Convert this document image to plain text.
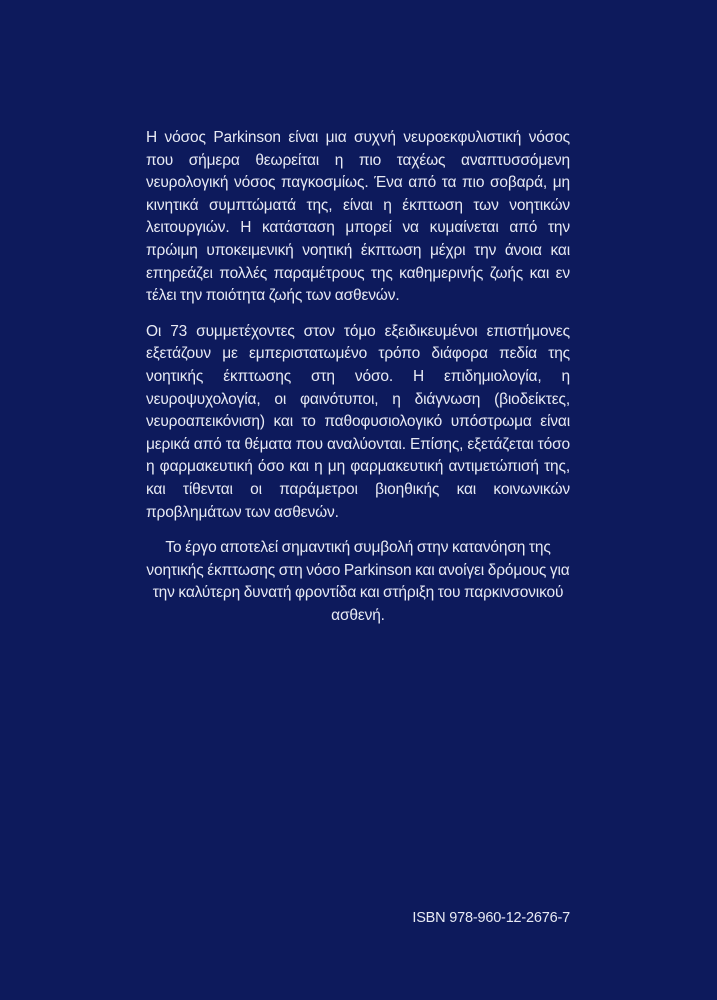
Η νόσος Parkinson είναι μια συχνή νευροεκφυλιστική νόσος που σήμερα θεωρείται η πιο ταχέως αναπτυσσόμενη νευρολογική νόσος παγκοσμίως. Ένα από τα πιο σοβαρά, μη κινητικά συμπτώματά της, είναι η έκπτωση των νοητικών λειτουργιών. Η κατάσταση μπορεί να κυμαίνεται από την πρώιμη υποκειμενική νοητική έκπτωση μέχρι την άνοια και επηρεάζει πολλές παραμέτρους της καθημερινής ζωής και εν τέλει την ποιότητα ζωής των ασθενών.

Οι 73 συμμετέχοντες στον τόμο εξειδικευμένοι επιστήμονες εξετάζουν με εμπεριστατωμένο τρόπο διάφορα πεδία της νοητικής έκπτωσης στη νόσο. Η επιδημιολογία, η νευροψυχολογία, οι φαινότυποι, η διάγνωση (βιοδείκτες, νευροαπεικόνιση) και το παθοφυσιολογικό υπόστρωμα είναι μερικά από τα θέματα που αναλύονται. Επίσης, εξετάζεται τόσο η φαρμακευτική όσο και η μη φαρμακευτική αντιμετώπισή της, και τίθενται οι παράμετροι βιοηθικής και κοινωνικών προβλημάτων των ασθενών.

Το έργο αποτελεί σημαντική συμβολή στην κατανόηση της νοητικής έκπτωσης στη νόσο Parkinson και ανοίγει δρόμους για την καλύτερη δυνατή φροντίδα και στήριξη του παρκινσονικού ασθενή.

ISBN 978-960-12-2676-7
